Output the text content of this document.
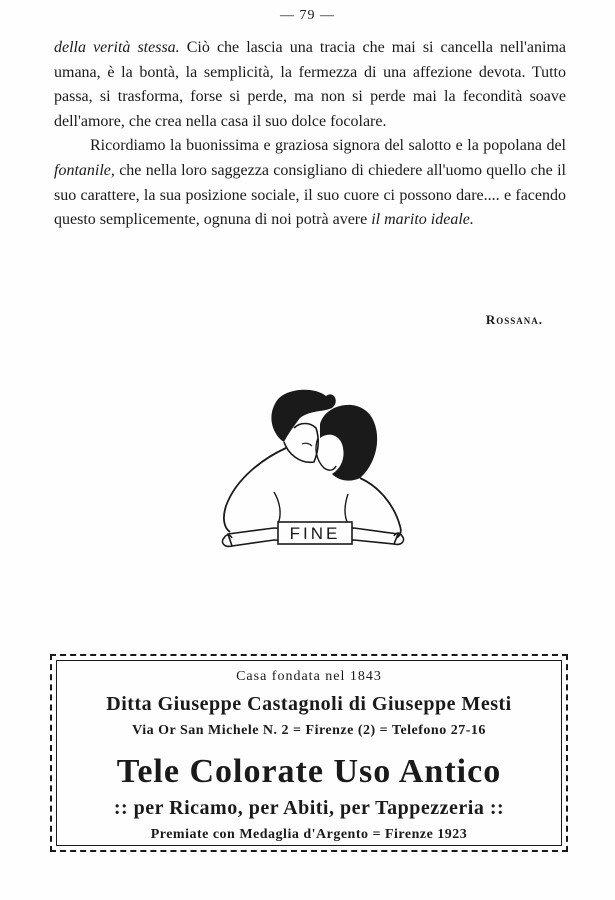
— 79 —

della verità stessa. Ciò che lascia una tracia che mai si cancella nell'anima umana, è la bontà, la semplicità, la fermezza di una affezione devota. Tutto passa, si trasforma, forse si perde, ma non si perde mai la fecondità soave dell'amore, che crea nella casa il suo dolce focolare.

Ricordiamo la buonissima e graziosa signora del salotto e la popolana del fontanile, che nella loro saggezza consigliano di chiedere all'uomo quello che il suo carattere, la sua posizione sociale, il suo cuore ci possono dare.... e facendo questo semplicemente, ognuna di noi potrà avere il marito ideale.

Rossana.
FINE
Casa fondata nel 1843
Ditta Giuseppe Castagnoli di Giuseppe Mesti
Via Or San Michele N. 2 = Firenze (2) = Telefono 27-16
Tele Colorate Uso Antico
:: per Ricamo, per Abiti, per Tappezzeria ::
Premiate con Medaglia d'Argento = Firenze 1923
